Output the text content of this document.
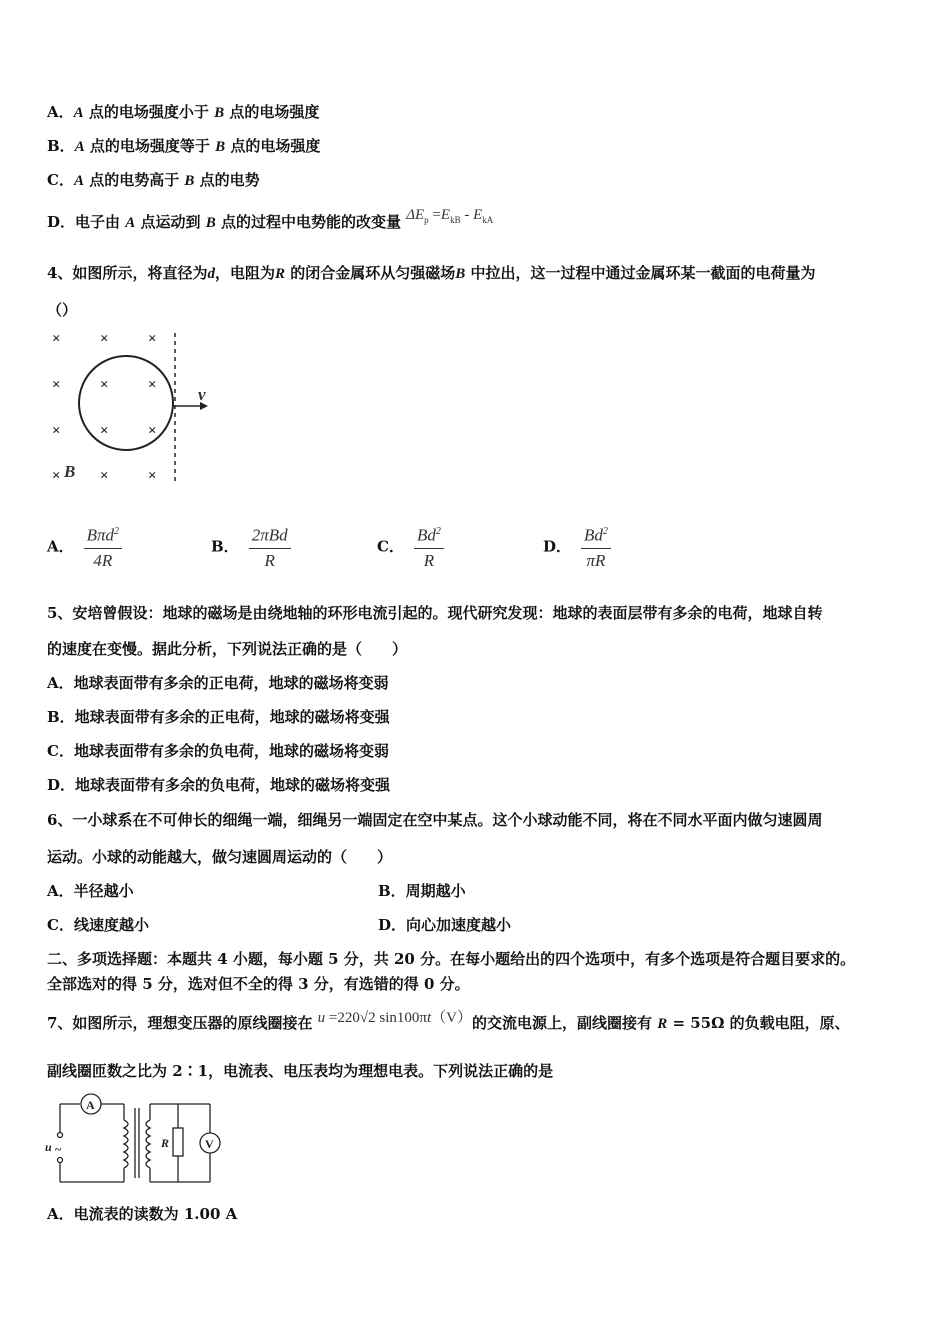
A．A 点的电场强度小于 B 点的电场强度
B．A 点的电场强度等于 B 点的电场强度
C．A 点的电势高于 B 点的电势
D．电子由 A 点运动到 B 点的过程中电势能的改变量 $\Delta E_p =E_{kB} - E_{kA}$
4、如图所示，将直径为d，电阻为R 的闭合金属环从匀强磁场B 中拉出，这一过程中通过金属环某一截面的电荷量为
（）
×	×	×
×	×	×
×	×	×
×	×	×
v
B
A． $\frac{B\pi d^2}{4R}$	B． $\frac{\text{2πBd}}{R}$	C． $\frac{Bd^2}{R}$	D． $\frac{Bd^2}{\pi R}$
5、安培曾假设：地球的磁场是由绕地轴的环形电流引起的。现代研究发现：地球的表面层带有多余的电荷，地球自转
的速度在变慢。据此分析，下列说法正确的是（　　）
A．地球表面带有多余的正电荷，地球的磁场将变弱
B．地球表面带有多余的正电荷，地球的磁场将变强
C．地球表面带有多余的负电荷，地球的磁场将变弱
D．地球表面带有多余的负电荷，地球的磁场将变强
6、一小球系在不可伸长的细绳一端，细绳另一端固定在空中某点。这个小球动能不同，将在不同水平面内做匀速圆周
运动。小球的动能越大，做匀速圆周运动的（　　）
A．半径越小	B．周期越小
C．线速度越小	D．向心加速度越小
二、多项选择题：本题共 4 小题，每小题 5 分，共 20 分。在每小题给出的四个选项中，有多个选项是符合题目要求的。
全部选对的得 5 分，选对但不全的得 3 分，有选错的得 0 分。
7、如图所示，理想变压器的原线圈接在 u =220√2 sin100πt（V）的交流电源上，副线圈接有 R = 55Ω 的负载电阻，原、
副线圈匝数之比为 2∶1，电流表、电压表均为理想电表。下列说法正确的是
A
V
R
u ~
A．电流表的读数为 1.00 A
